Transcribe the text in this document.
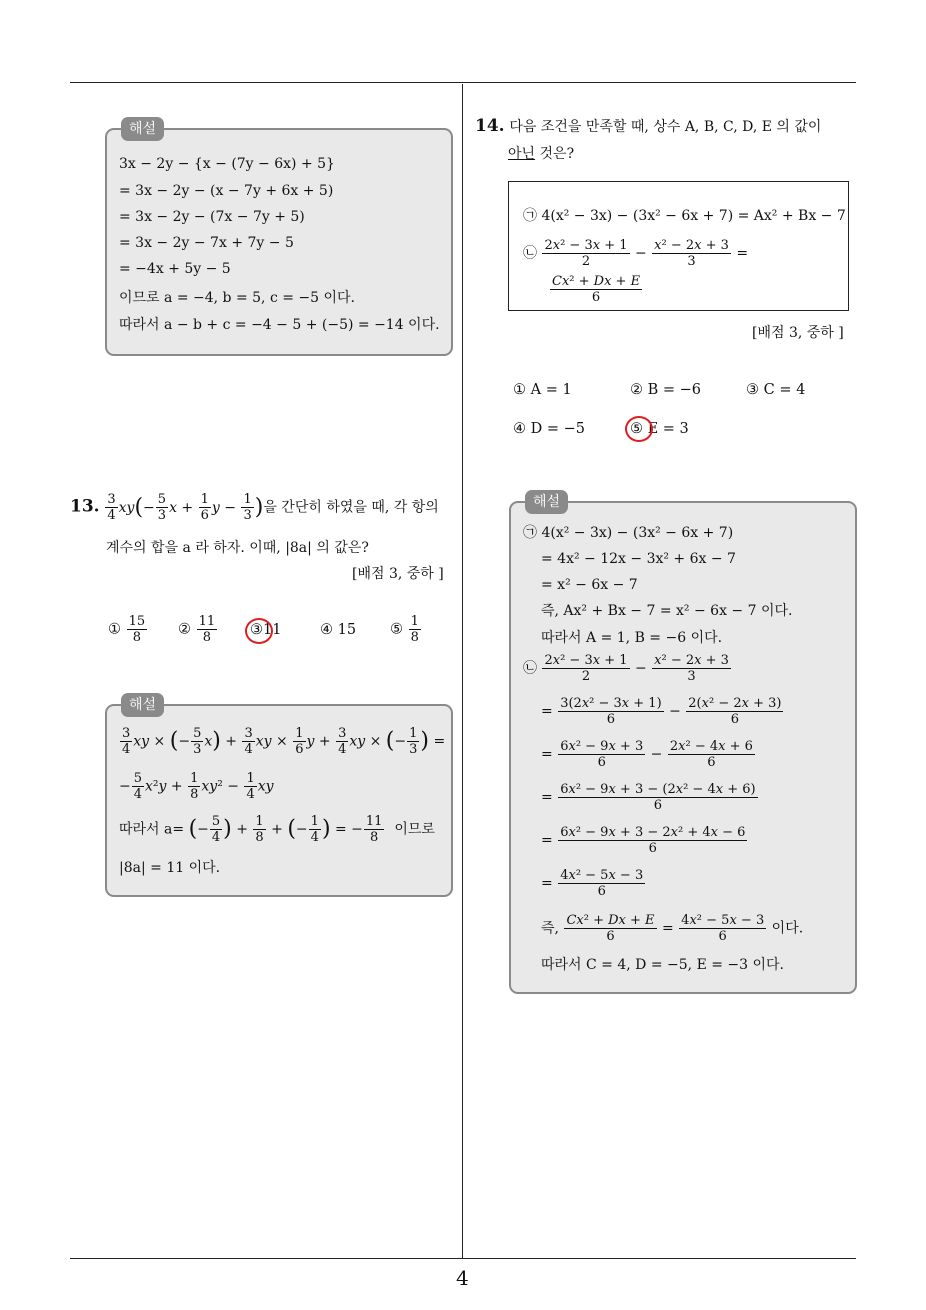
4
해설
3x − 2y − {x − (7y − 6x) + 5}
= 3x − 2y − (x − 7y + 6x + 5)
= 3x − 2y − (7x − 7y + 5)
= 3x − 2y − 7x + 7y − 5
= −4x + 5y − 5
이므로 a = −4, b = 5, c = −5 이다.
따라서 a − b + c = −4 − 5 + (−5) = −14 이다.
13. $\frac{3}{4} xy(- \frac{5}{3}$ $x + \frac{1}{6}$ $y - \frac{1}{3}$ )을 간단히 하였을 때, 각 항의
계수의 합을 a 라 하자. 이때, |8a| 의 값은?
[배점 3, 중하 ]
① $\frac{15}{8}$ ② $\frac{11}{8}$ ③11	④ 15 ⑤ $\frac{1}{8}$
해설
$\frac{3}{4}$ xy × (− $\frac{5}{3} x) + \frac{3}{4}$ xy × $\frac{1}{6}$ $y + \frac{3}{4}$ xy × (− $\frac{1}{3}$ ) =
− $\frac{5}{4} x^2y + \frac{1}{8} xy^2 - \frac{1}{4}$ xy
따라서 a= (− $\frac{5}{4}$ ) + $\frac{1}{8}$ + (− $\frac{1}{4}$ ) = − $\frac{11}{8}$ 이므로
|8a| = 11 이다.
14. 다음 조건을 만족할 때, 상수 A, B, C, D, E 의 값이
아닌 것은?
㉠ 4(x² − 3x) − (3x² − 6x + 7) = Ax² + Bx − 7
㉡ $\frac{\text{2x² − 3x + 1}}{2} - \frac{\text{x² − 2x + 3}}{3}$ =
$\frac{\text{Cx² + Dx + E}}{6}$
[배점 3, 중하 ]
① A = 1	② B = −6	③ C = 4
④ D = −5	⑤ E = 3
해설
㉠ 4(x² − 3x) − (3x² − 6x + 7)
= 4x² − 12x − 3x² + 6x − 7
= x² − 6x − 7
즉, Ax² + Bx − 7 = x² − 6x − 7 이다.
따라서 A = 1, B = −6 이다.
㉡ $\frac{\text{2x² − 3x + 1}}{2} - \frac{\text{x² − 2x + 3}}{3}$
= $\frac{\text{3(2x² − 3x + 1)}}{6} - \frac{\text{2(x² − 2x + 3)}}{6}$
= $\frac{\text{6x² − 9x + 3}}{6} - \frac{\text{2x² − 4x + 6}}{6}$
= $\frac{\text{6x² − 9x + 3 − (2x² − 4x + 6)}}{6}$
= $\frac{\text{6x² − 9x + 3 − 2x² + 4x − 6}}{6}$
= $\frac{\text{4x² − 5x − 3}}{6}$
즉, $\frac{\text{Cx² + Dx + E}}{6} = \frac{\text{4x² − 5x − 3}}{6}$ 이다.
따라서 C = 4, D = −5, E = −3 이다.
